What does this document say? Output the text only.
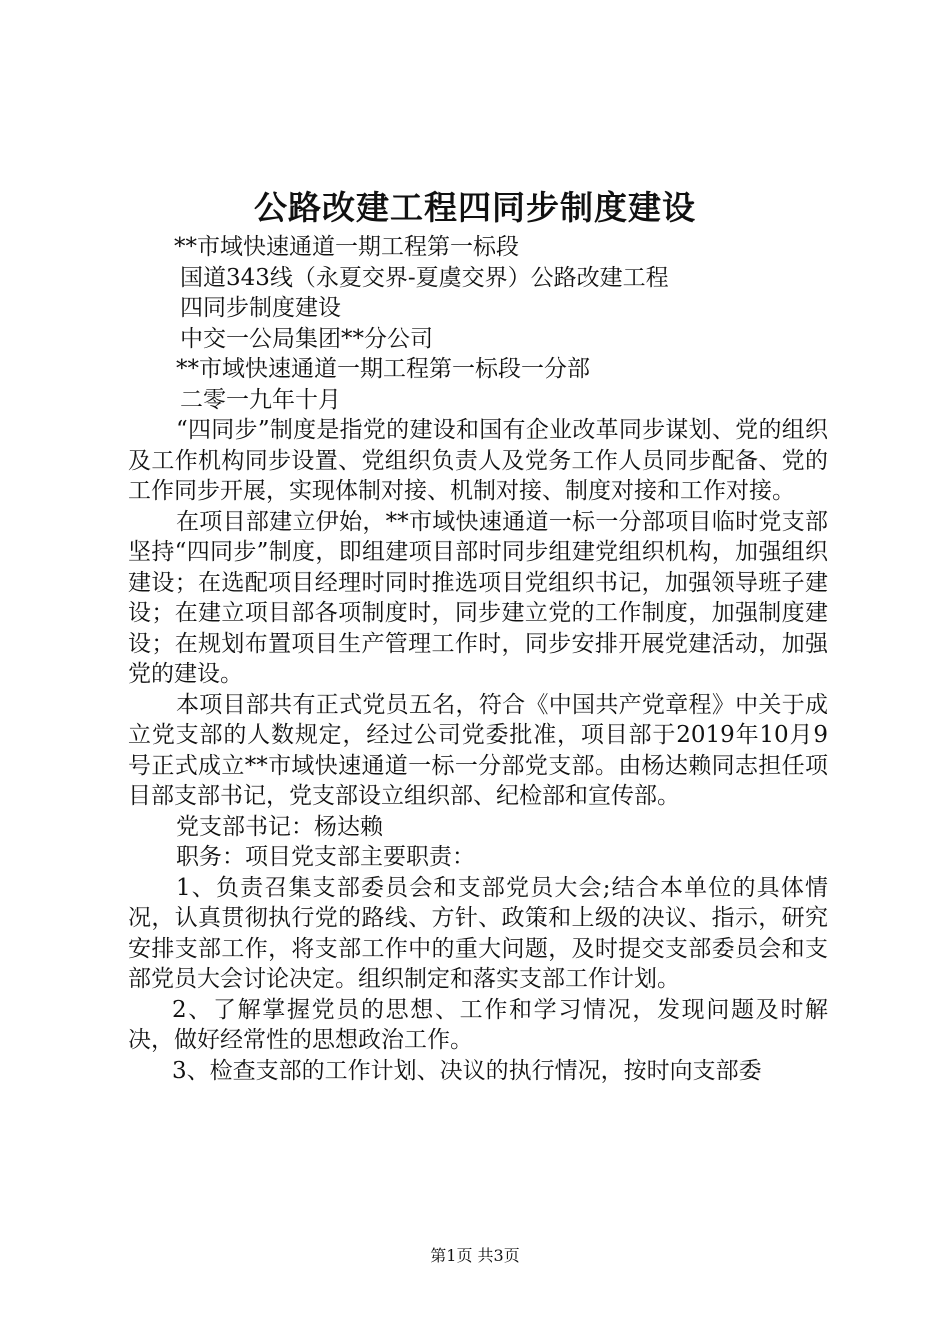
公路改建工程四同步制度建设
**市域快速通道一期工程第一标段
国道343线（永夏交界-夏虞交界）公路改建工程
四同步制度建设
中交一公局集团**分公司
**市域快速通道一期工程第一标段一分部
二零一九年十月
“四同步”制度是指党的建设和国有企业改革同步谋划、党的组织及工作机构同步设置、党组织负责人及党务工作人员同步配备、党的工作同步开展，实现体制对接、机制对接、制度对接和工作对接。
在项目部建立伊始，**市域快速通道一标一分部项目临时党支部坚持“四同步”制度，即组建项目部时同步组建党组织机构，加强组织建设；在选配项目经理时同时推选项目党组织书记，加强领导班子建设；在建立项目部各项制度时，同步建立党的工作制度，加强制度建设；在规划布置项目生产管理工作时，同步安排开展党建活动，加强党的建设。
本项目部共有正式党员五名，符合《中国共产党章程》中关于成立党支部的人数规定，经过公司党委批准，项目部于2019年10月9号正式成立**市域快速通道一标一分部党支部。由杨达赖同志担任项目部支部书记，党支部设立组织部、纪检部和宣传部。
党支部书记：杨达赖
职务：项目党支部主要职责：
1、负责召集支部委员会和支部党员大会;结合本单位的具体情况，认真贯彻执行党的路线、方针、政策和上级的决议、指示，研究安排支部工作，将支部工作中的重大问题，及时提交支部委员会和支部党员大会讨论决定。组织制定和落实支部工作计划。
2、了解掌握党员的思想、工作和学习情况，发现问题及时解决，做好经常性的思想政治工作。
3、检查支部的工作计划、决议的执行情况，按时向支部委
第1页 共3页
